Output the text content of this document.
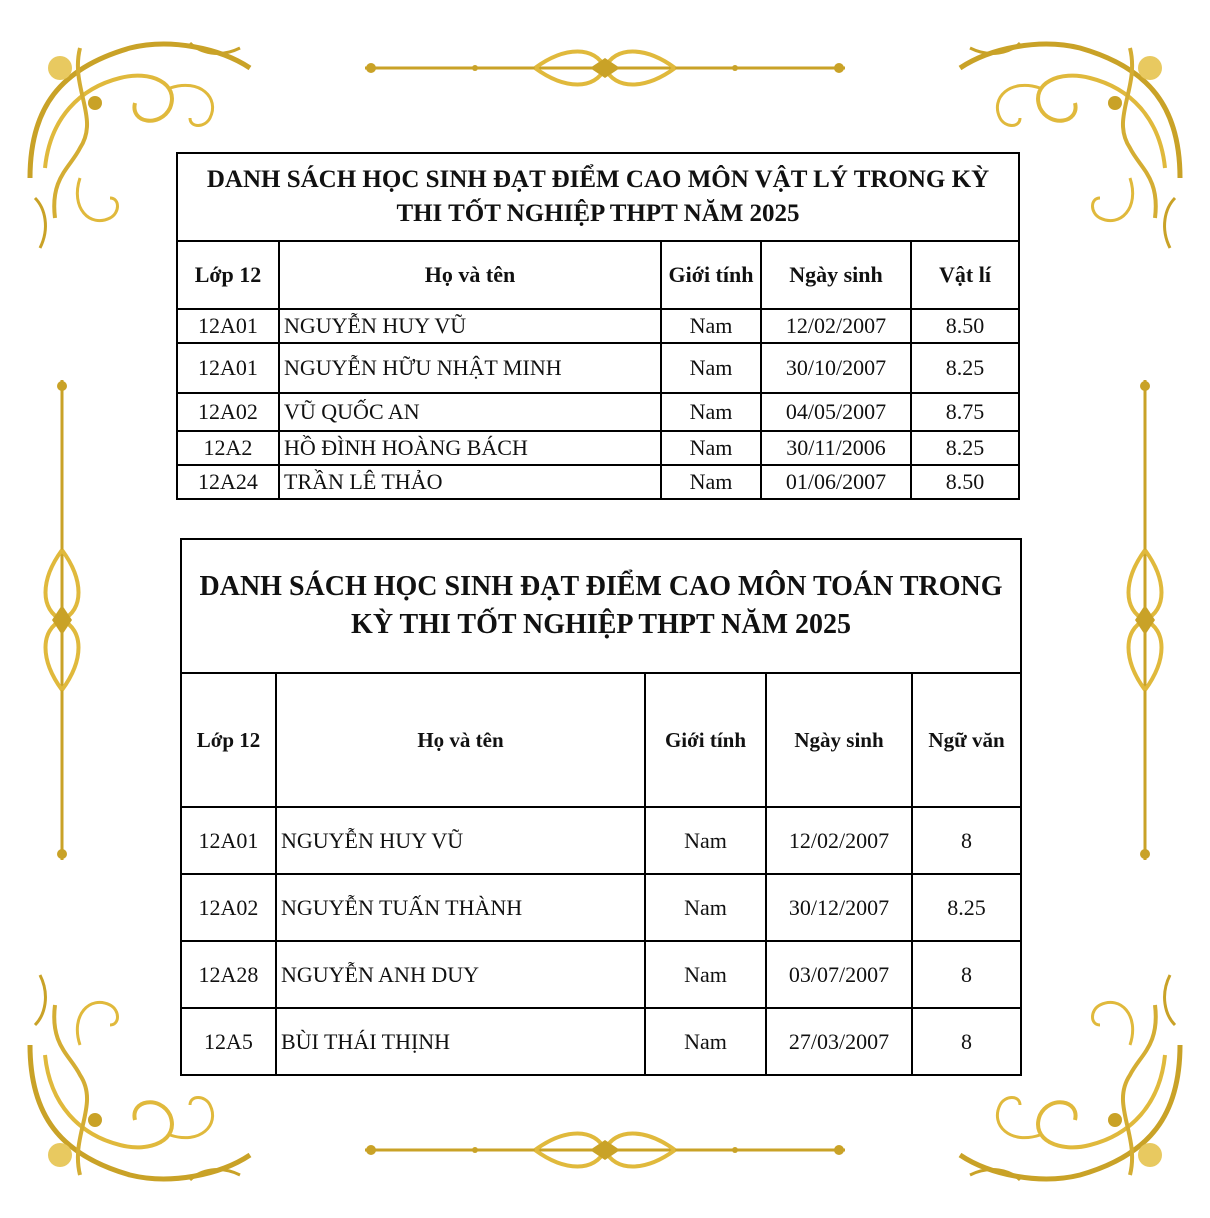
DANH SÁCH HỌC SINH ĐẠT ĐIỂM CAO MÔN VẬT LÝ TRONG KỲ THI TỐT NGHIỆP THPT NĂM 2025				
Lớp 12	Họ và tên	Giới tính	Ngày sinh	Vật lí
12A01	NGUYỄN HUY VŨ	Nam	12/02/2007	8.50
12A01	NGUYỄN HỮU NHẬT MINH	Nam	30/10/2007	8.25
12A02	VŨ QUỐC AN	Nam	04/05/2007	8.75
12A2	HỒ ĐÌNH HOÀNG BÁCH	Nam	30/11/2006	8.25
12A24	TRẦN LÊ THẢO	Nam	01/06/2007	8.50
DANH SÁCH HỌC SINH ĐẠT ĐIỂM CAO MÔN TOÁN TRONG KỲ THI TỐT NGHIỆP THPT NĂM 2025				
Lớp 12	Họ và tên	Giới tính	Ngày sinh	Ngữ văn
12A01	NGUYỄN HUY VŨ	Nam	12/02/2007	8
12A02	NGUYỄN TUẤN THÀNH	Nam	30/12/2007	8.25
12A28	NGUYỄN ANH DUY	Nam	03/07/2007	8
12A5	BÙI THÁI THỊNH	Nam	27/03/2007	8
